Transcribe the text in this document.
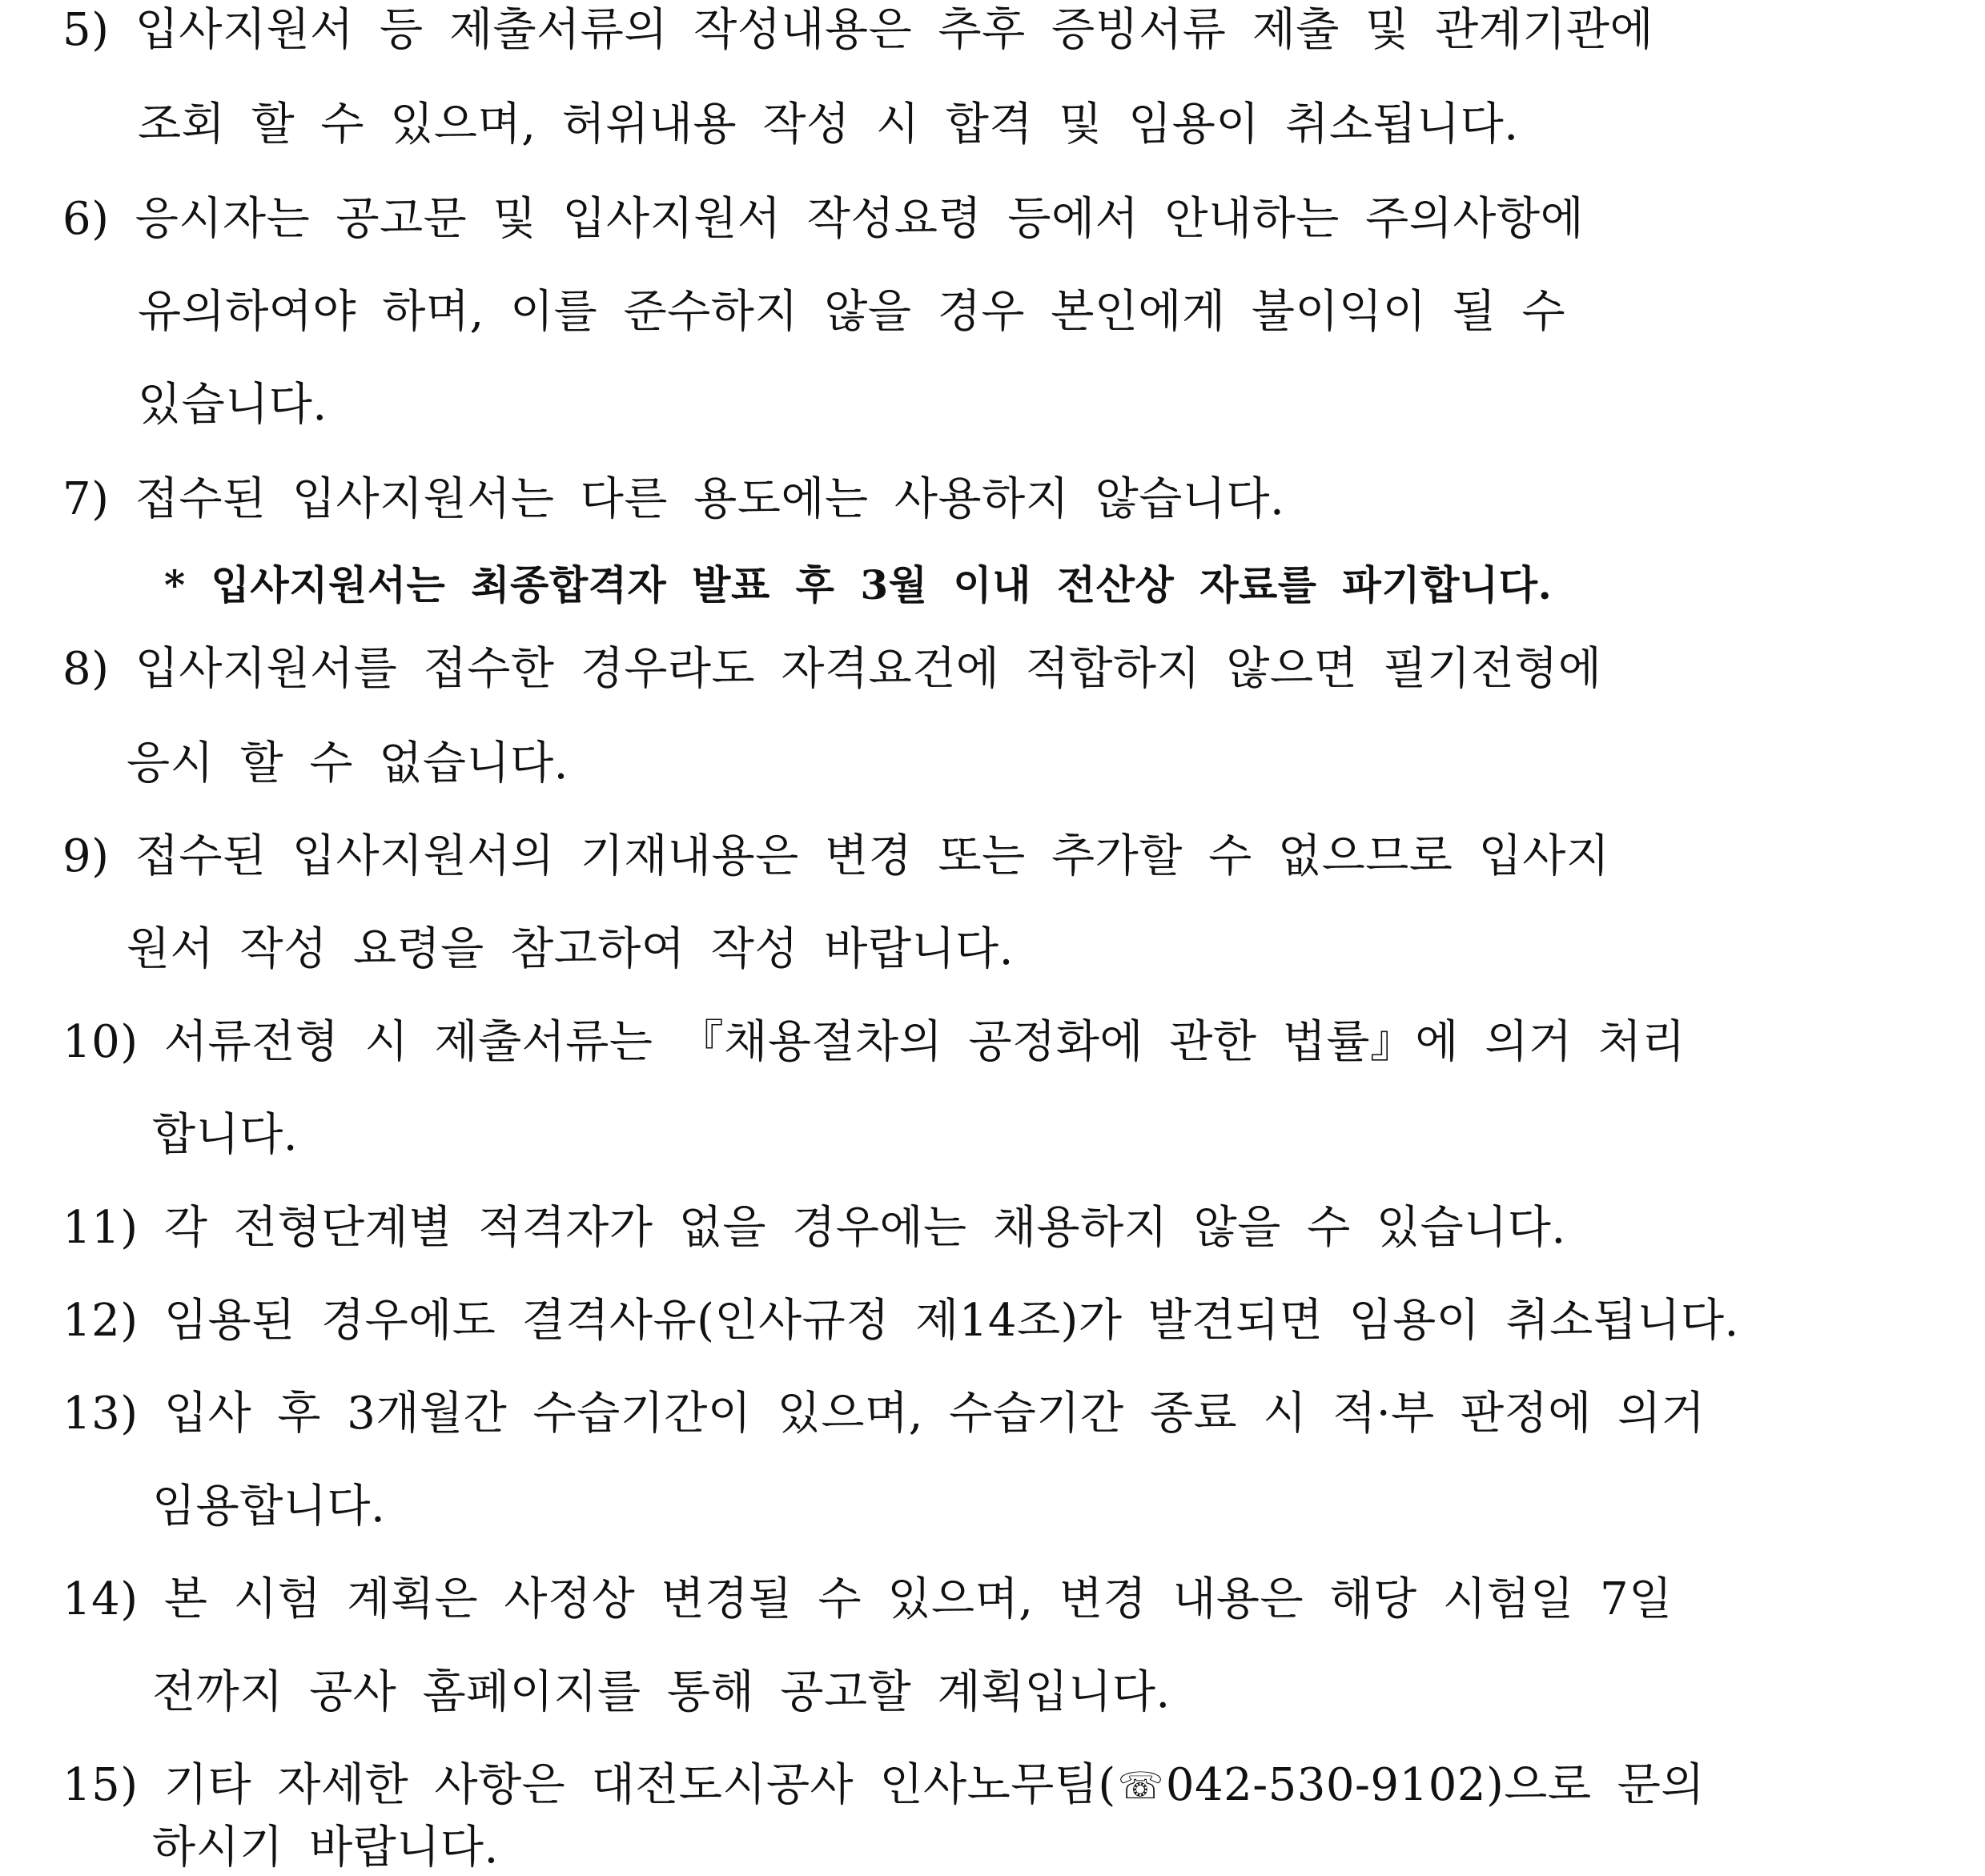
5) 입사지원서 등 제출서류의 작성내용은 추후 증빙서류 제출 및 관계기관에
조회 할 수 있으며, 허위내용 작성 시 합격 및 임용이 취소됩니다.
6) 응시자는 공고문 및 입사지원서 작성요령 등에서 안내하는 주의사항에
유의하여야 하며, 이를 준수하지 않을 경우 본인에게 불이익이 될 수
있습니다.
7) 접수된 입사지원서는 다른 용도에는 사용하지 않습니다.
* 입사지원서는 최종합격자 발표 후 3월 이내 전산상 자료를 파기합니다.
8) 입사지원서를 접수한 경우라도 자격요건에 적합하지 않으면 필기전형에
응시 할 수 없습니다.
9) 접수된 입사지원서의 기재내용은 변경 또는 추가할 수 없으므로 입사지
원서 작성 요령을 참고하여 작성 바랍니다.
10) 서류전형 시 제출서류는 『채용절차의 공정화에 관한 법률』에 의거 처리
합니다.
11) 각 전형단계별 적격자가 없을 경우에는 채용하지 않을 수 있습니다.
12) 임용된 경우에도 결격사유(인사규정 제14조)가 발견되면 임용이 취소됩니다.
13) 입사 후 3개월간 수습기간이 있으며, 수습기간 종료 시 적·부 판정에 의거
임용합니다.
14) 본 시험 계획은 사정상 변경될 수 있으며, 변경 내용은 해당 시험일 7일
전까지 공사 홈페이지를 통해 공고할 계획입니다.
15) 기타 자세한 사항은 대전도시공사 인사노무팀(☏042-530-9102)으로 문의
하시기 바랍니다.
